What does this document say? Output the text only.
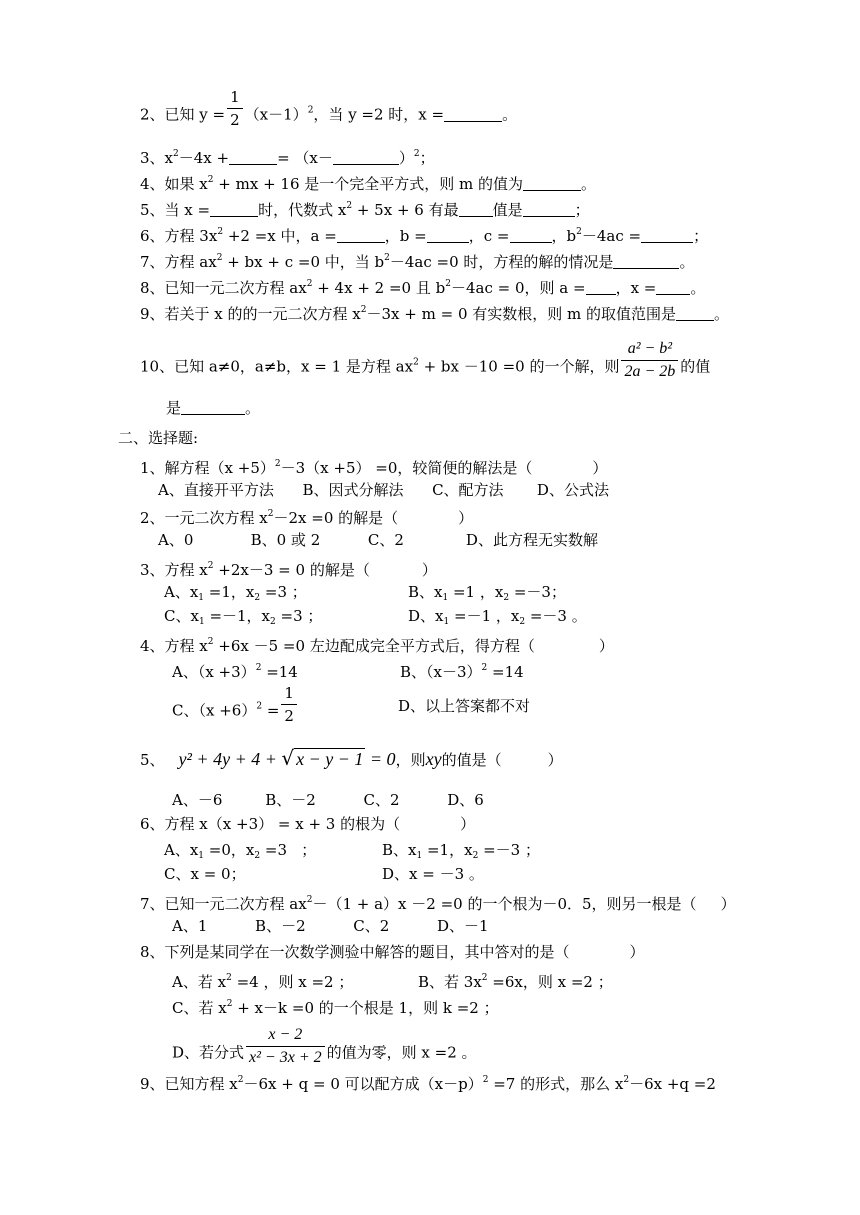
2、已知 $y = \frac{1}{2} (x-1)^2$，当 y =2 时，x =	。
3、$x^2-4x$ +	= （x－	）$^2$；
4、如果 $x^2$ + mx + 16 是一个完全平方式，则 m 的值为	。
5、当 x =	时，代数式 $x^2 + 5x + 6$ 有最 值是	；
6、方程 $3x^2 +2 =x$ 中，a =	，b =	，c =	，$b^2-4ac$ =	；
7、方程 $ax^2$ + bx + c =0 中，当 $b^2-4ac =0$ 时，方程的解的情况是	。
8、已知一元二次方程 $ax^2 + 4x + 2 =0$ 且 $b^2-4ac = 0$，则 a = ，x = 。
9、若关于 x 的的一元二次方程 $x^2-3x + m = 0$ 有实数根，则 m 的取值范围是	。
10、已知 a≠0，a≠b，x = 1 是方程 $ax^2$ + bx －10 =0 的一个解，则 $\frac{\text{a² − b²}}{2a - 2b}$ 的值
是	。
二、选择题:
1、解方程$(x +5)^2-3(x +5) =0$，较简便的解法是（	）
A、直接开平方法      B、因式分解法      C、配方法       D、公式法
2、一元二次方程 $x^2-2x =0$ 的解是（	）
A、0            B、0 或 2          C、2             D、此方程无实数解
3、方程 $x^2 +2x-3 = 0$ 的解是（	）
A、$x_1 =1$，$x_2 =3$ ；	B、$x_1 =1$ ，$x_2 =-3$；
C、$x_1 =-1$，$x_2 =3$ ；	D、$x_1 =-1$ ，$x_2 =-3$ 。
4、方程 $x^2 +6x -5 =0$ 左边配成完全平方式后，得方程（	）
A、$(x +3)^2 =14$	B、$(x-3)^2 =14$
C、$(x +6)^2 = \frac{1}{2}$	D、以上答案都不对
5、 y² + 4y + 4 + √ x − y − 1 = 0，则xy的值是（	）
A、－6         B、－2          C、2          D、6
6、方程 x（x +3） = x + 3 的根为（	）
A、$x_1 =0$，$x_2 =3$   ；	B、$x_1 =1$，$x_2 =-3$ ；
C、x = 0；	D、x = －3 。
7、已知一元二次方程 $ax^2-(1 + a)x -2 =0$ 的一个根为－0．5，则另一根是（ ）
A、1          B、－2          C、2          D、－1
8、下列是某同学在一次数学测验中解答的题目，其中答对的是（	）
A、若 $x^2 =4$ ，则 x =2 ；	B、若 $3x^2 =6x$，则 x =2 ；
C、若 $x^2 + x-k =0$ 的一个根是 1，则 k =2 ；
D、若分式 $\frac{x - 2}{\text{x² − 3x + 2}}$ 的值为零，则 x =2 。
9、已知方程 $x^2-6x + q = 0$ 可以配方成$(x-p)^2 =7$ 的形式，那么 $x^2-6x +q =2$
